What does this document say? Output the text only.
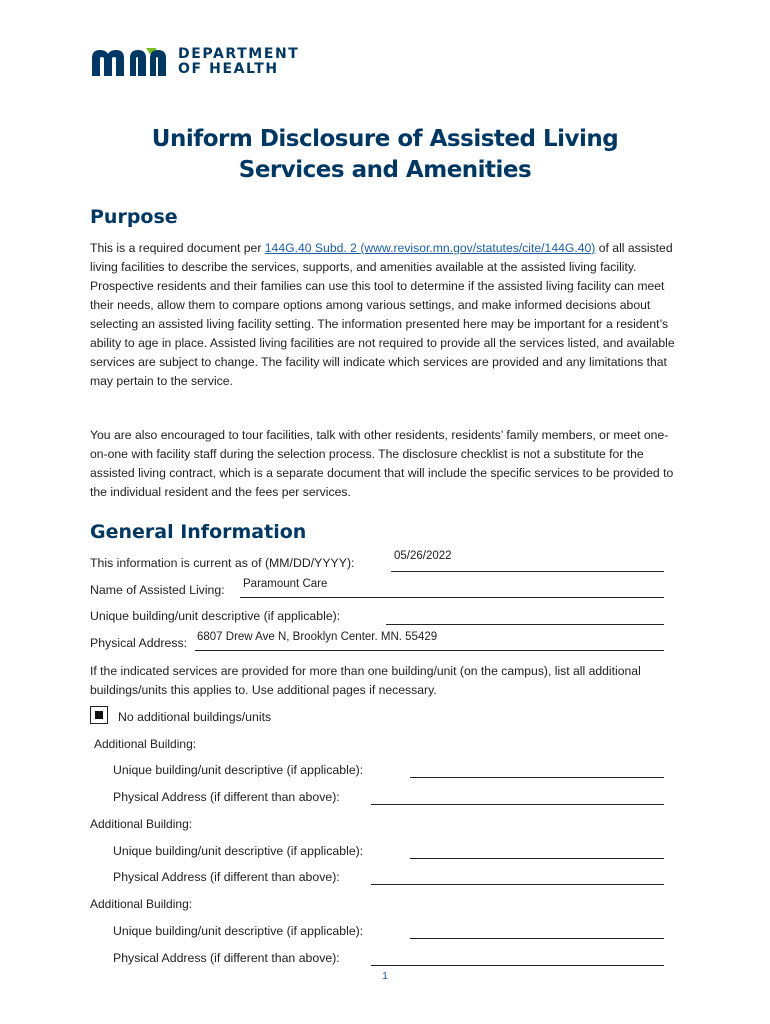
DEPARTMENT
OF HEALTH
Uniform Disclosure of Assisted Living
Services and Amenities
Purpose

This is a required document per 144G.40 Subd. 2 (www.revisor.mn.gov/statutes/cite/144G.40) of all assisted living facilities to describe the services, supports, and amenities available at the assisted living facility. Prospective residents and their families can use this tool to determine if the assisted living facility can meet their needs, allow them to compare options among various settings, and make informed decisions about selecting an assisted living facility setting. The information presented here may be important for a resident’s ability to age in place. Assisted living facilities are not required to provide all the services listed, and available services are subject to change. The facility will indicate which services are provided and any limitations that may pertain to the service.

You are also encouraged to tour facilities, talk with other residents, residents’ family members, or meet one-on-one with facility staff during the selection process. The disclosure checklist is not a substitute for the assisted living contract, which is a separate document that will include the specific services to be provided to the individual resident and the fees per services.

General Information
This information is current as of (MM/DD/YYYY):	05/26/2022
Name of Assisted Living: Paramount Care
Unique building/unit descriptive (if applicable):
Physical Address: 6807 Drew Ave N, Brooklyn Center. MN. 55429

If the indicated services are provided for more than one building/unit (on the campus), list all additional buildings/units this applies to. Use additional pages if necessary.

No additional buildings/units
Additional Building:
Unique building/unit descriptive (if applicable):
Physical Address (if different than above):
Additional Building:
Unique building/unit descriptive (if applicable):
Physical Address (if different than above):
Additional Building:
Unique building/unit descriptive (if applicable):
Physical Address (if different than above):
1
